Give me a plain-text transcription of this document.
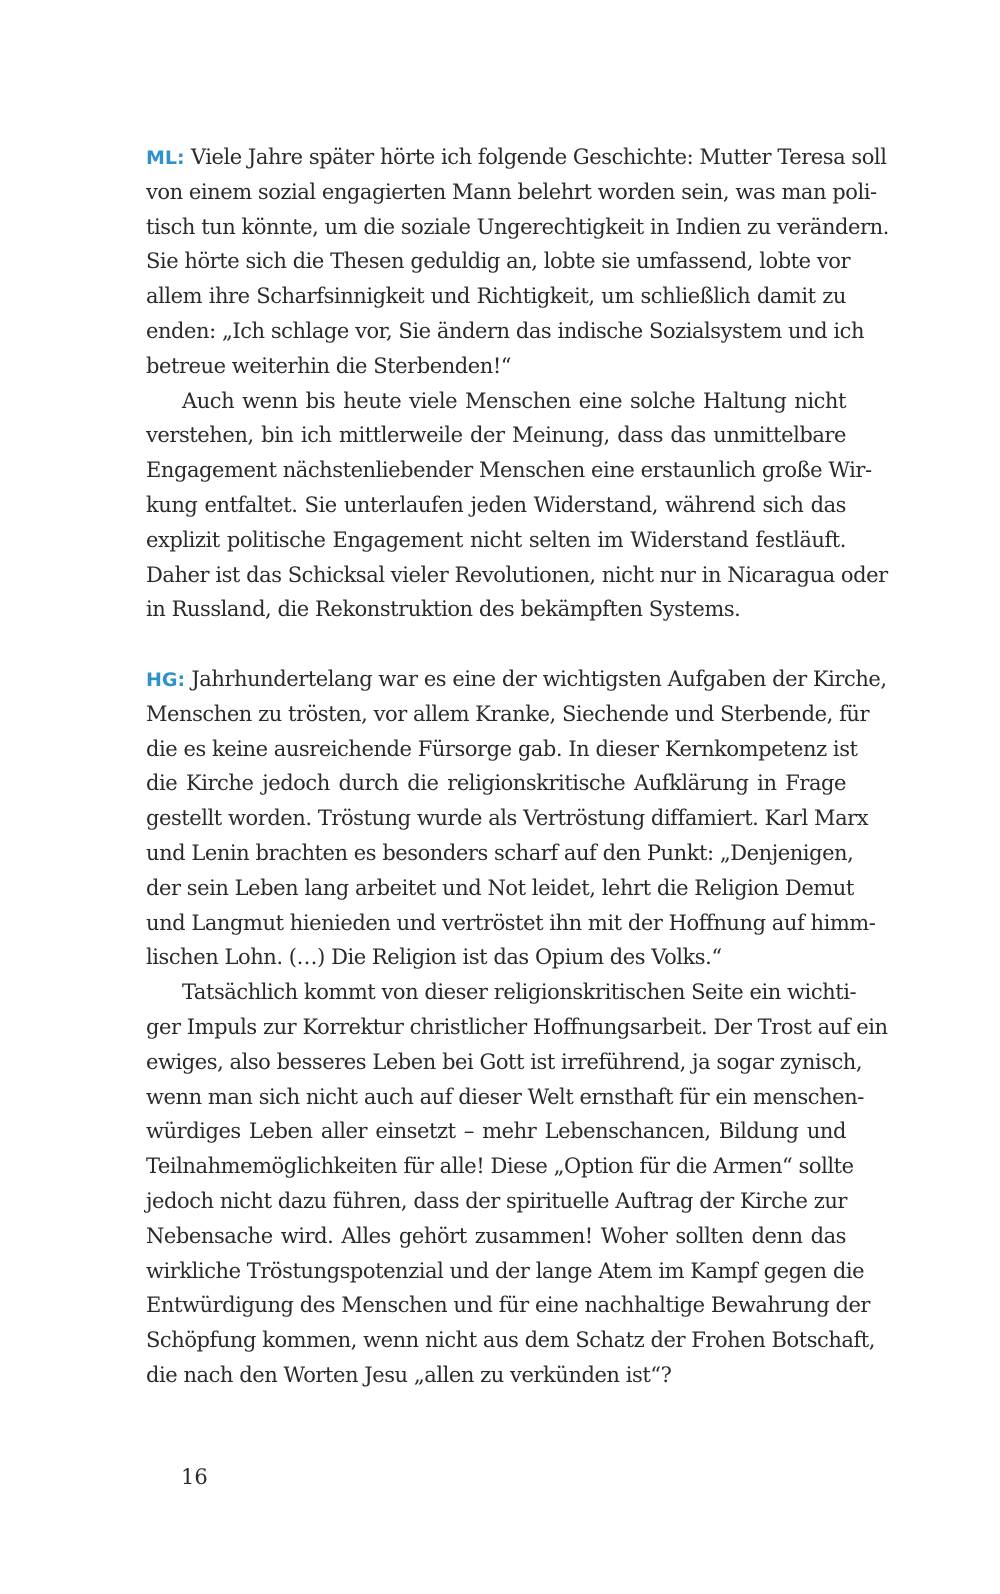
ML: Viele Jahre später hörte ich folgende Geschichte: Mutter Teresa soll
von einem sozial engagierten Mann belehrt worden sein, was man poli-
tisch tun könnte, um die soziale Ungerechtigkeit in Indien zu verändern.
Sie hörte sich die Thesen geduldig an, lobte sie umfassend, lobte vor
allem ihre Scharfsinnigkeit und Richtigkeit, um schließlich damit zu
enden: „Ich schlage vor, Sie ändern das indische Sozialsystem und ich
betreue weiterhin die Sterbenden!“
Auch wenn bis heute viele Menschen eine solche Haltung nicht
verstehen, bin ich mittlerweile der Meinung, dass das unmittelbare
Engagement nächstenliebender Menschen eine erstaunlich große Wir-
kung entfaltet. Sie unterlaufen jeden Widerstand, während sich das
explizit politische Engagement nicht selten im Widerstand festläuft.
Daher ist das Schicksal vieler Revolutionen, nicht nur in Nicaragua oder
in Russland, die Rekonstruktion des bekämpften Systems.
HG: Jahrhundertelang war es eine der wichtigsten Aufgaben der Kirche,
Menschen zu trösten, vor allem Kranke, Siechende und Sterbende, für
die es keine ausreichende Fürsorge gab. In dieser Kernkompetenz ist
die Kirche jedoch durch die religionskritische Aufklärung in Frage
gestellt worden. Tröstung wurde als Vertröstung diffamiert. Karl Marx
und Lenin brachten es besonders scharf auf den Punkt: „Denjenigen,
der sein Leben lang arbeitet und Not leidet, lehrt die Religion Demut
und Langmut hienieden und vertröstet ihn mit der Hoffnung auf himm-
lischen Lohn. (…) Die Religion ist das Opium des Volks.“
Tatsächlich kommt von dieser religionskritischen Seite ein wichti-
ger Impuls zur Korrektur christlicher Hoffnungsarbeit. Der Trost auf ein
ewiges, also besseres Leben bei Gott ist irreführend, ja sogar zynisch,
wenn man sich nicht auch auf dieser Welt ernsthaft für ein menschen-
würdiges Leben aller einsetzt – mehr Lebenschancen, Bildung und
Teilnahmemöglichkeiten für alle! Diese „Option für die Armen“ sollte
jedoch nicht dazu führen, dass der spirituelle Auftrag der Kirche zur
Nebensache wird. Alles gehört zusammen! Woher sollten denn das
wirkliche Tröstungspotenzial und der lange Atem im Kampf gegen die
Entwürdigung des Menschen und für eine nachhaltige Bewahrung der
Schöpfung kommen, wenn nicht aus dem Schatz der Frohen Botschaft,
die nach den Worten Jesu „allen zu verkünden ist“?
16
